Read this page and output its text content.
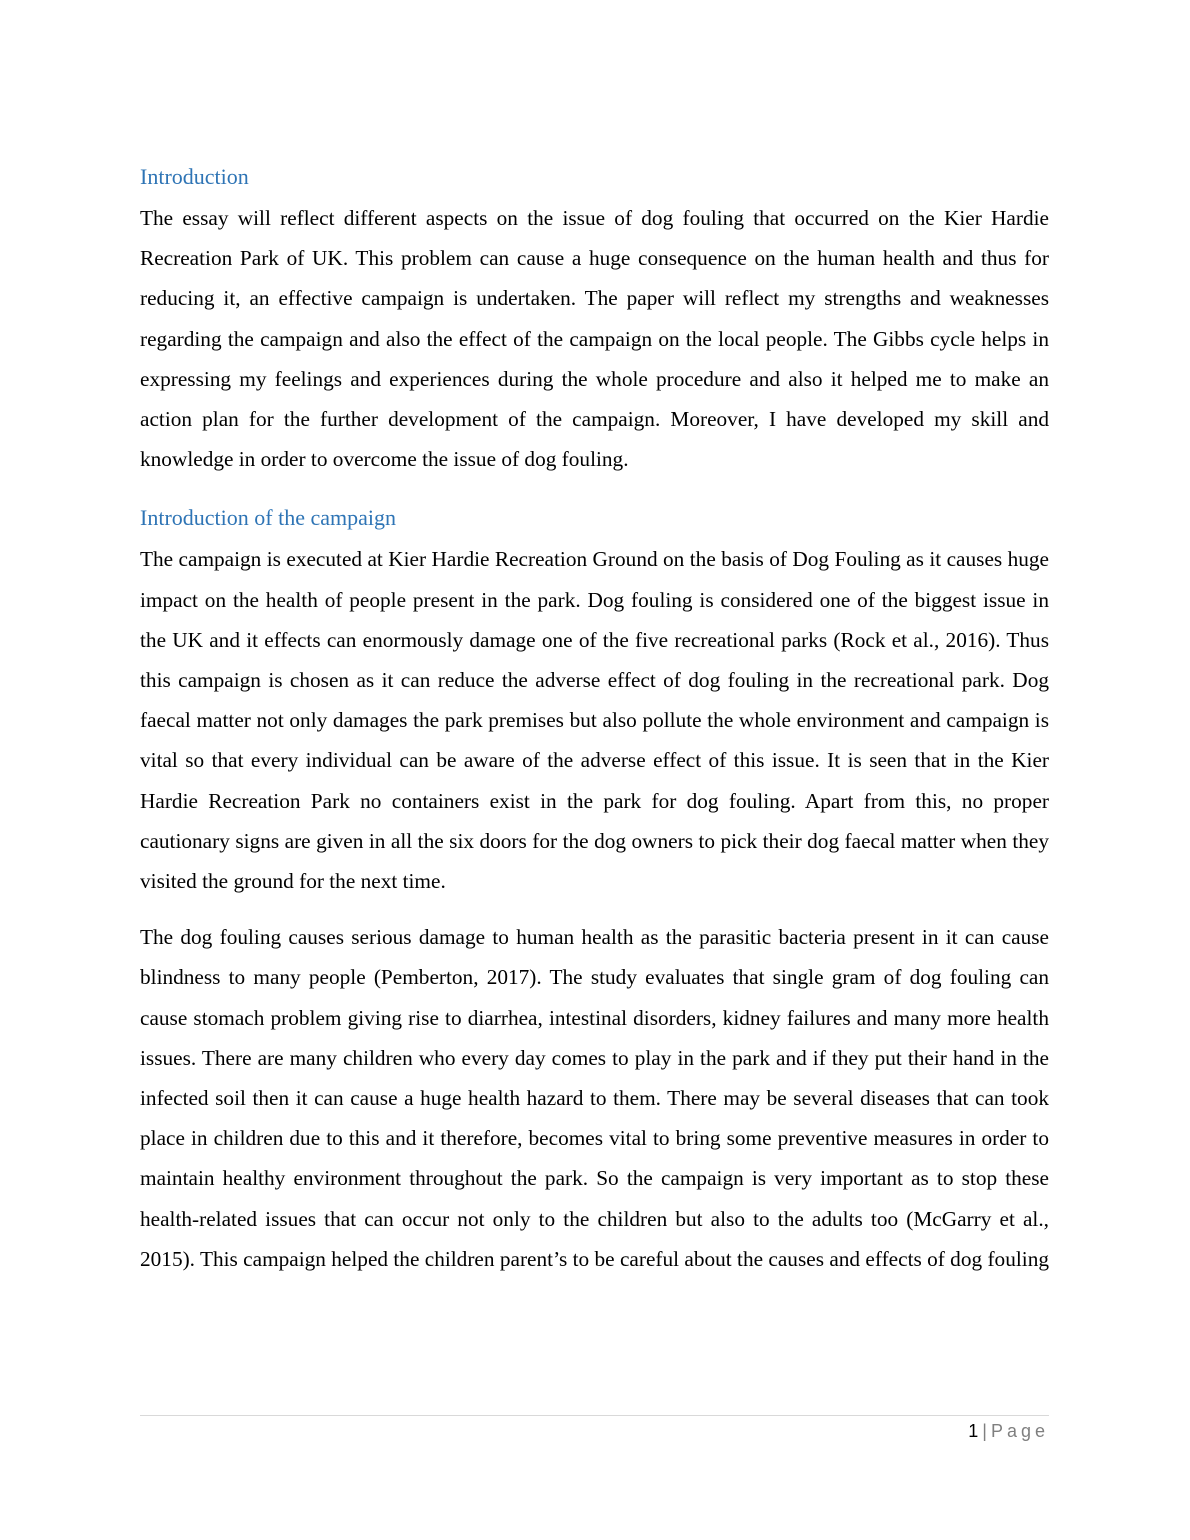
Introduction

The essay will reflect different aspects on the issue of dog fouling that occurred on the Kier Hardie Recreation Park of UK. This problem can cause a huge consequence on the human health and thus for reducing it, an effective campaign is undertaken. The paper will reflect my strengths and weaknesses regarding the campaign and also the effect of the campaign on the local people. The Gibbs cycle helps in expressing my feelings and experiences during the whole procedure and also it helped me to make an action plan for the further development of the campaign. Moreover, I have developed my skill and knowledge in order to overcome the issue of dog fouling.

Introduction of the campaign

The campaign is executed at Kier Hardie Recreation Ground on the basis of Dog Fouling as it causes huge impact on the health of people present in the park. Dog fouling is considered one of the biggest issue in the UK and it effects can enormously damage one of the five recreational parks (Rock et al., 2016). Thus this campaign is chosen as it can reduce the adverse effect of dog fouling in the recreational park. Dog faecal matter not only damages the park premises but also pollute the whole environment and campaign is vital so that every individual can be aware of the adverse effect of this issue. It is seen that in the Kier Hardie Recreation Park no containers exist in the park for dog fouling. Apart from this, no proper cautionary signs are given in all the six doors for the dog owners to pick their dog faecal matter when they visited the ground for the next time.

The dog fouling causes serious damage to human health as the parasitic bacteria present in it can cause blindness to many people (Pemberton, 2017). The study evaluates that single gram of dog fouling can cause stomach problem giving rise to diarrhea, intestinal disorders, kidney failures and many more health issues. There are many children who every day comes to play in the park and if they put their hand in the infected soil then it can cause a huge health hazard to them. There may be several diseases that can took place in children due to this and it therefore, becomes vital to bring some preventive measures in order to maintain healthy environment throughout the park. So the campaign is very important as to stop these health-related issues that can occur not only to the children but also to the adults too (McGarry et al., 2015). This campaign helped the children parent’s to be careful about the causes and effects of dog fouling

1 | Page
